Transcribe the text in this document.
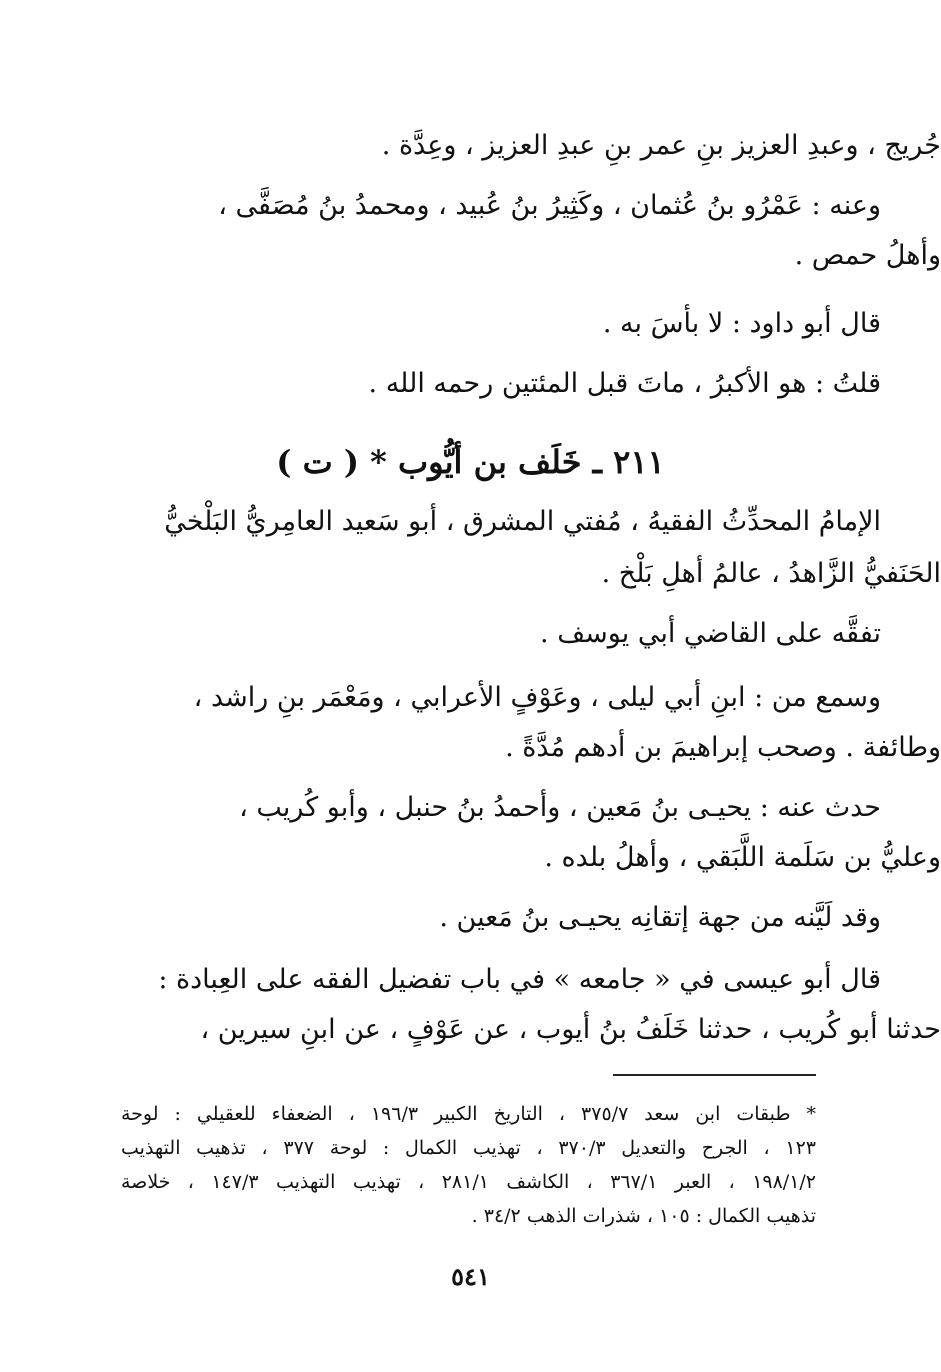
جُريج ، وعبدِ العزيز بنِ عمر بنِ عبدِ العزيز ، وعِدَّة .
وعنه : عَمْرُو بنُ عُثمان ، وكَثِيرُ بنُ عُبيد ، ومحمدُ بنُ مُصَفَّى ،
وأهلُ حمص .
قال أبو داود : لا بأسَ به .
قلتُ : هو الأكبرُ ، ماتَ قبل المئتين رحمه الله .
٢١١ ـ خَلَف بن أيُّوب * ( ت )
الإمامُ المحدِّثُ الفقيهُ ، مُفتي المشرق ، أبو سَعيد العامِريُّ البَلْخيُّ
الحَنَفيُّ الزَّاهدُ ، عالمُ أهلِ بَلْخ .
تفقَّه على القاضي أبي يوسف .
وسمع من : ابنِ أبي ليلى ، وعَوْفٍ الأعرابي ، ومَعْمَر بنِ راشد ،
وطائفة . وصحب إبراهيمَ بن أدهم مُدَّةً .
حدث عنه : يحيـى بنُ مَعين ، وأحمدُ بنُ حنبل ، وأبو كُريب ،
وعليُّ بن سَلَمة اللَّبَقي ، وأهلُ بلده .
وقد لَيَّنه من جهة إتقانِه يحيـى بنُ مَعين .
قال أبو عيسى في « جامعه » في باب تفضيل الفقه على العِبادة :
حدثنا أبو كُريب ، حدثنا خَلَفُ بنُ أيوب ، عن عَوْفٍ ، عن ابنِ سيرين ،
* طبقات ابن سعد ٣٧٥/٧ ، التاريخ الكبير ١٩٦/٣ ، الضعفاء للعقيلي : لوحة
١٢٣ ، الجرح والتعديل ٣٧٠/٣ ، تهذيب الكمال : لوحة ٣٧٧ ، تذهيب التهذيب
١٩٨/١/٢ ، العبر ٣٦٧/١ ، الكاشف ٢٨١/١ ، تهذيب التهذيب ١٤٧/٣ ، خلاصة
تذهيب الكمال : ١٠٥ ، شذرات الذهب ٣٤/٢ .
٥٤١
